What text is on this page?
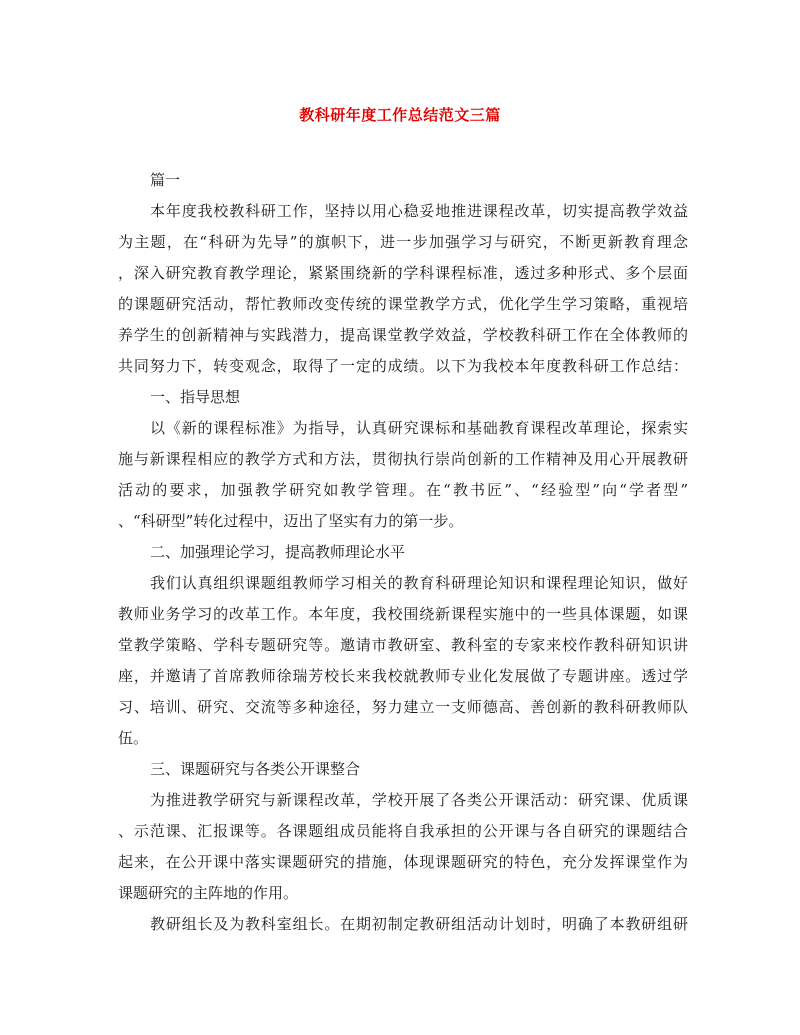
教科研年度工作总结范文三篇
篇一
本年度我校教科研工作，坚持以用心稳妥地推进课程改革，切实提高教学效益
为主题，在“科研为先导”的旗帜下，进一步加强学习与研究，不断更新教育理念
，深入研究教育教学理论，紧紧围绕新的学科课程标准，透过多种形式、多个层面
的课题研究活动，帮忙教师改变传统的课堂教学方式，优化学生学习策略，重视培
养学生的创新精神与实践潜力，提高课堂教学效益，学校教科研工作在全体教师的
共同努力下，转变观念，取得了一定的成绩。以下为我校本年度教科研工作总结：
一、指导思想
以《新的课程标准》为指导，认真研究课标和基础教育课程改革理论，探索实
施与新课程相应的教学方式和方法，贯彻执行崇尚创新的工作精神及用心开展教研
活动的要求，加强教学研究如教学管理。在“教书匠”、“经验型”向“学者型”
、“科研型”转化过程中，迈出了坚实有力的第一步。
二、加强理论学习，提高教师理论水平
我们认真组织课题组教师学习相关的教育科研理论知识和课程理论知识，做好
教师业务学习的改革工作。本年度，我校围绕新课程实施中的一些具体课题，如课
堂教学策略、学科专题研究等。邀请市教研室、教科室的专家来校作教科研知识讲
座，并邀请了首席教师徐瑞芳校长来我校就教师专业化发展做了专题讲座。透过学
习、培训、研究、交流等多种途径，努力建立一支师德高、善创新的教科研教师队
伍。
三、课题研究与各类公开课整合
为推进教学研究与新课程改革，学校开展了各类公开课活动：研究课、优质课
、示范课、汇报课等。各课题组成员能将自我承担的公开课与各自研究的课题结合
起来，在公开课中落实课题研究的措施，体现课题研究的特色，充分发挥课堂作为
课题研究的主阵地的作用。
教研组长及为教科室组长。在期初制定教研组活动计划时，明确了本教研组研
